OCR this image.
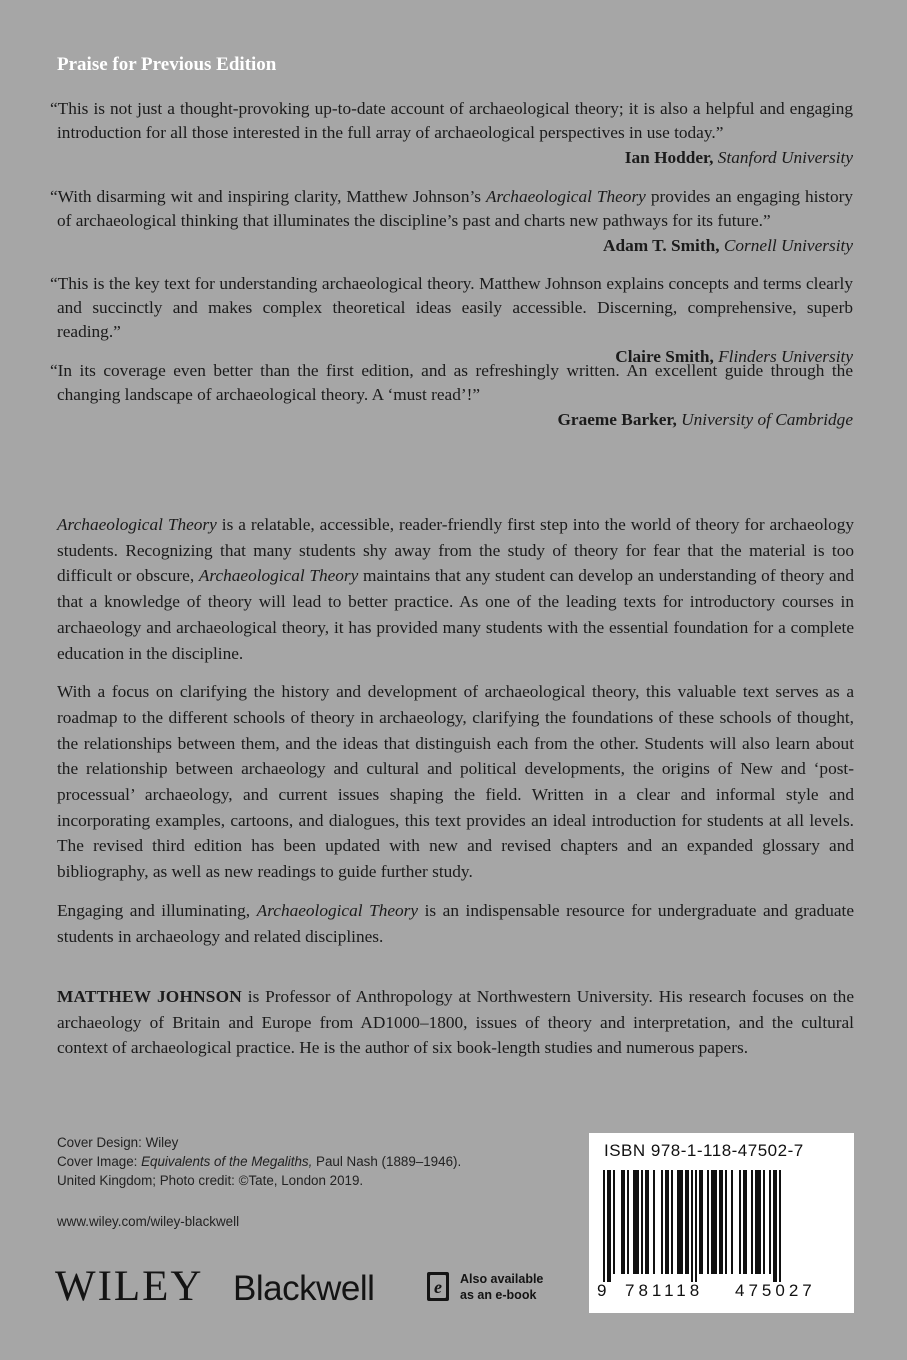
Praise for Previous Edition

“This is not just a thought-provoking up-to-date account of archaeological theory; it is also a helpful and engaging introduction for all those interested in the full array of archaeological perspectives in use today.”

Ian Hodder, Stanford University

“With disarming wit and inspiring clarity, Matthew Johnson’s Archaeological Theory provides an engaging history of archaeological thinking that illuminates the discipline’s past and charts new pathways for its future.”

Adam T. Smith, Cornell University

“This is the key text for understanding archaeological theory. Matthew Johnson explains concepts and terms clearly and succinctly and makes complex theoretical ideas easily accessible. Discerning, comprehensive, superb reading.”

Claire Smith, Flinders University

“In its coverage even better than the first edition, and as refreshingly written. An excellent guide through the changing landscape of archaeological theory. A ‘must read’!”

Graeme Barker, University of Cambridge

Archaeological Theory is a relatable, accessible, reader-friendly first step into the world of theory for archaeology students. Recognizing that many students shy away from the study of theory for fear that the material is too difficult or obscure, Archaeological Theory maintains that any student can develop an understanding of theory and that a knowledge of theory will lead to better practice. As one of the leading texts for introductory courses in archaeology and archaeological theory, it has provided many students with the essential foundation for a complete education in the discipline.

With a focus on clarifying the history and development of archaeological theory, this valuable text serves as a roadmap to the different schools of theory in archaeology, clarifying the foundations of these schools of thought, the relationships between them, and the ideas that distinguish each from the other. Students will also learn about the relationship between archaeology and cultural and political developments, the origins of New and ‘post-processual’ archaeology, and current issues shaping the field. Written in a clear and informal style and incorporating examples, cartoons, and dialogues, this text provides an ideal introduction for students at all levels. The revised third edition has been updated with new and revised chapters and an expanded glossary and bibliography, as well as new readings to guide further study.

Engaging and illuminating, Archaeological Theory is an indispensable resource for undergraduate and graduate students in archaeology and related disciplines.

MATTHEW JOHNSON is Professor of Anthropology at Northwestern University. His research focuses on the archaeology of Britain and Europe from AD1000–1800, issues of theory and interpretation, and the cultural context of archaeological practice. He is the author of six book-length studies and numerous papers.

Cover Design: Wiley
Cover Image: Equivalents of the Megaliths, Paul Nash (1889–1946).
United Kingdom; Photo credit: ©Tate, London 2019.
www.wiley.com/wiley-blackwell
WILEY Blackwell	e Also available
as an e-book
ISBN 978-1-118-47502-7
9 781118 475027
